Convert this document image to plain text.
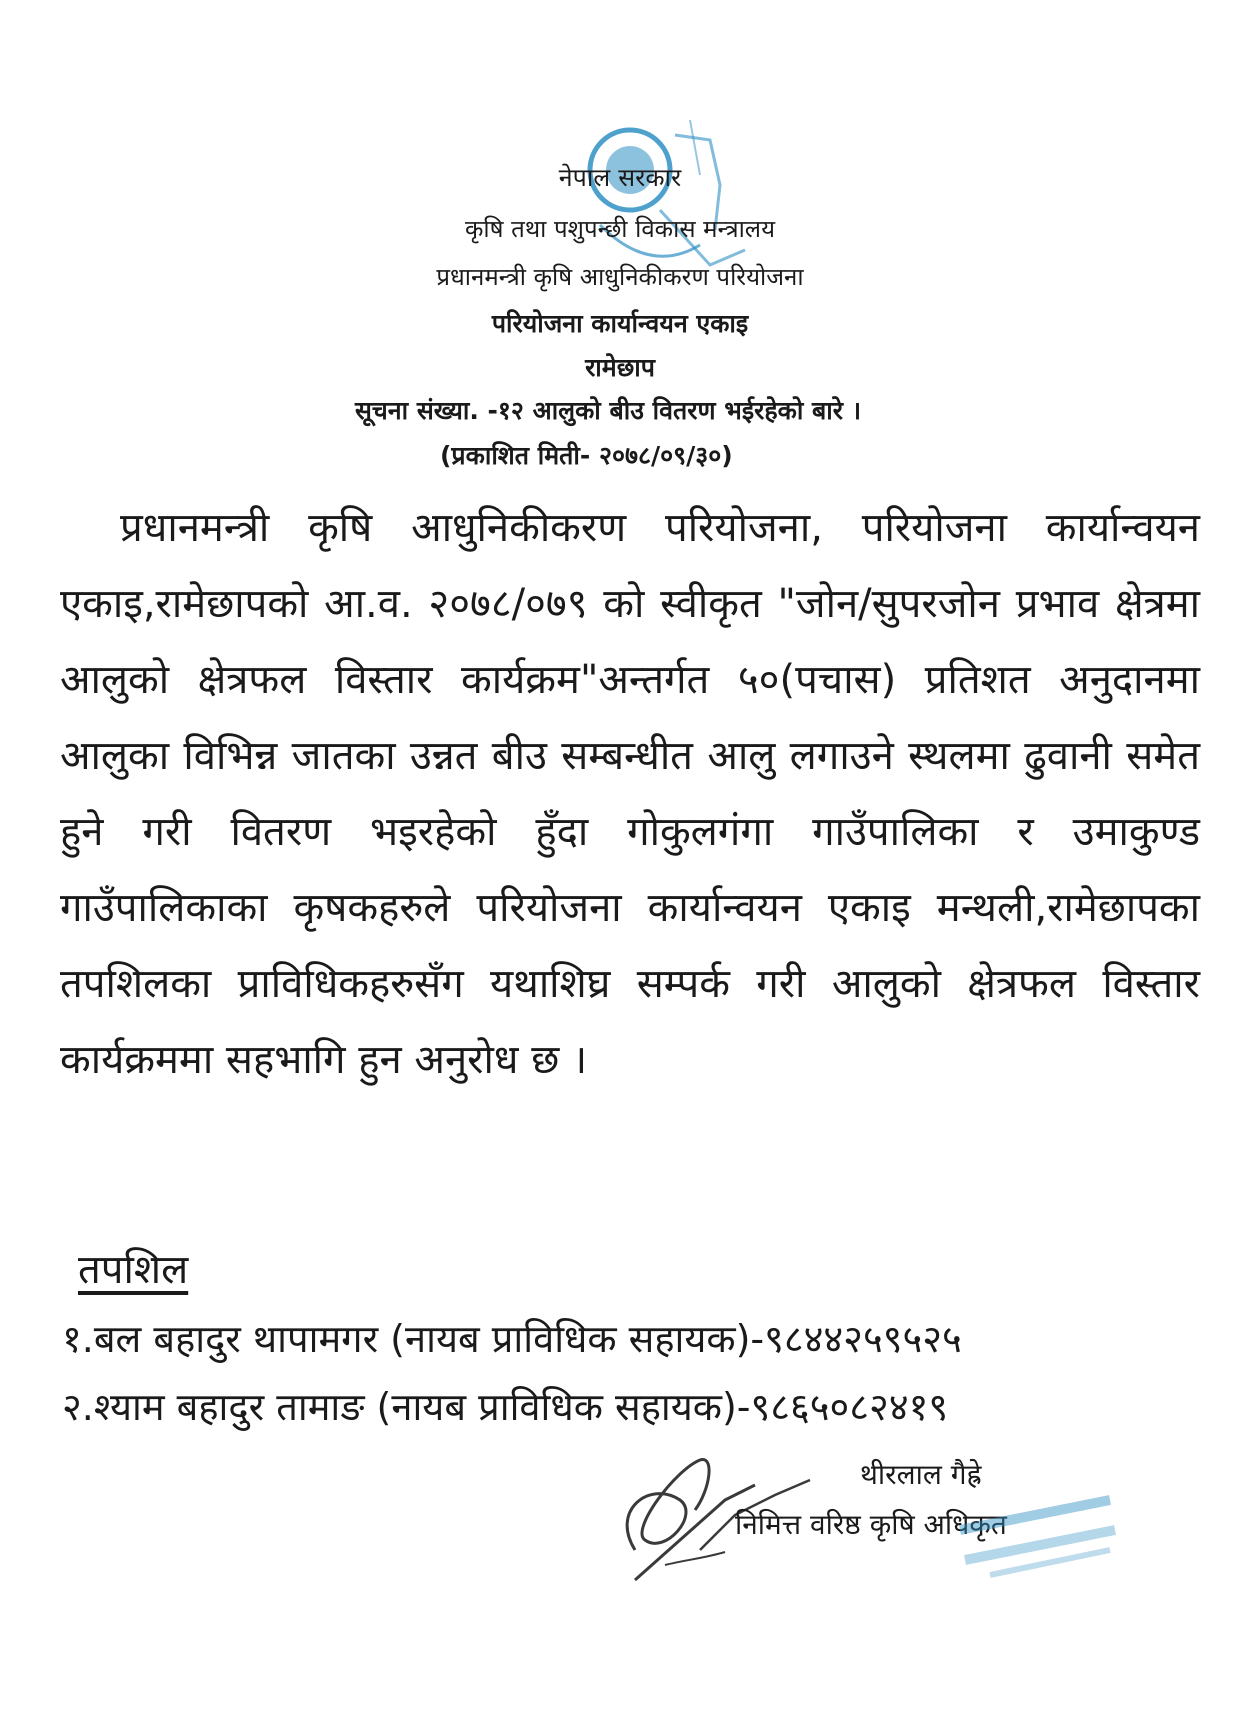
नेपाल सरकार
कृषि तथा पशुपन्छी विकास मन्त्रालय
प्रधानमन्त्री कृषि आधुनिकीकरण परियोजना
परियोजना कार्यान्वयन एकाइ
रामेछाप
सूचना संख्या. -१२ आलुको बीउ वितरण भईरहेको बारे ।
(प्रकाशित मिती- २०७८/०९/३०)
प्रधानमन्त्री कृषि आधुनिकीकरण परियोजना, परियोजना कार्यान्वयन एकाइ,रामेछापको आ.व. २०७८/०७९ को स्वीकृत "जोन/सुपरजोन प्रभाव क्षेत्रमा आलुको क्षेत्रफल विस्तार कार्यक्रम"अन्तर्गत ५०(पचास) प्रतिशत अनुदानमा आलुका विभिन्न जातका उन्नत बीउ सम्बन्धीत आलु लगाउने स्थलमा ढुवानी समेत हुने गरी वितरण भइरहेको हुँदा गोकुलगंगा गाउँपालिका र उमाकुण्ड गाउँपालिकाका कृषकहरुले परियोजना कार्यान्वयन एकाइ मन्थली,रामेछापका तपशिलका प्राविधिकहरुसँग यथाशिघ्र सम्पर्क गरी आलुको क्षेत्रफल विस्तार कार्यक्रममा सहभागि हुन अनुरोध छ ।
तपशिल
१.बल बहादुर थापामगर (नायब प्राविधिक सहायक)-९८४४२५९५२५
२.श्याम बहादुर तामाङ (नायब प्राविधिक सहायक)-९८६५०८२४१९
थीरलाल गैह्रे
निमित्त वरिष्ठ कृषि अधिकृत
